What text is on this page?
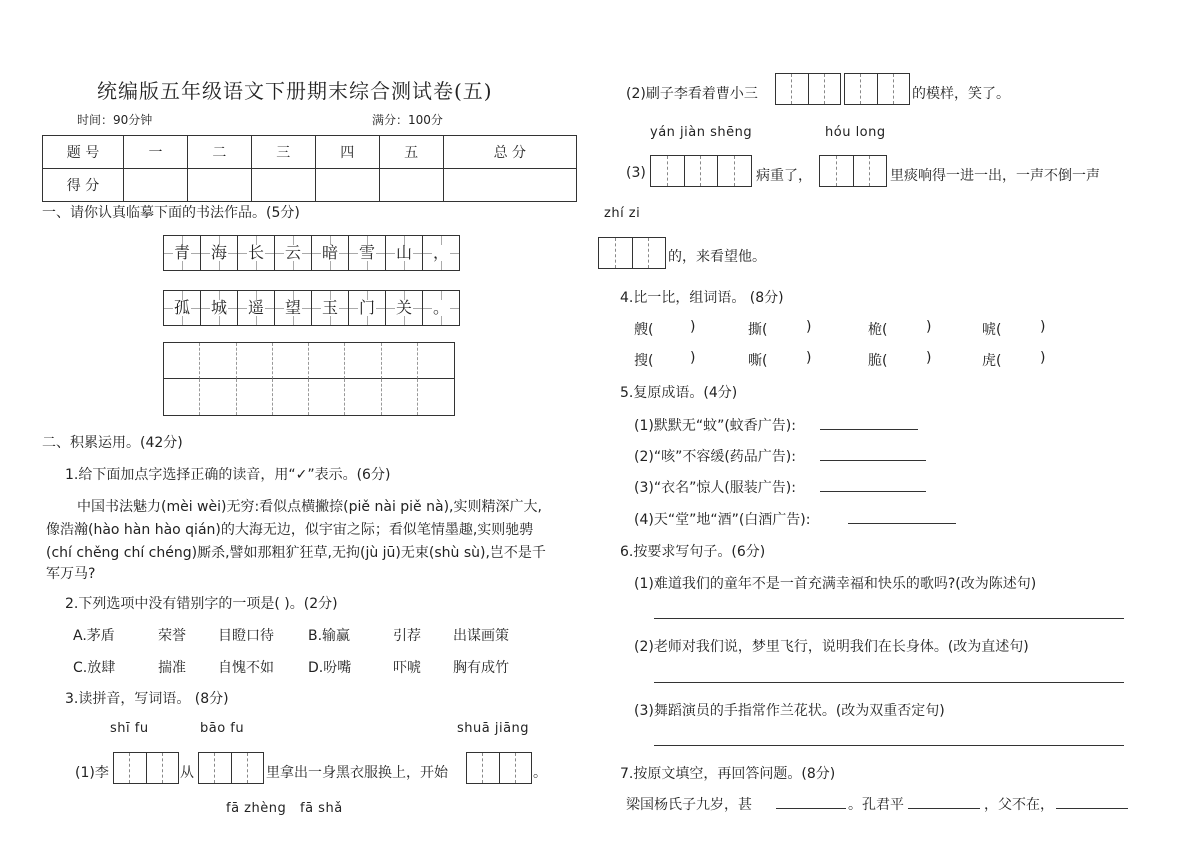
统编版五年级语文下册期末综合测试卷(五)
时间：90分钟	满分：100分
题 号	一	二	三	四	五	总 分
得 分						
一、请你认真临摹下面的书法作品。(5分)
青 海 长 云 暗 雪 山 ，
孤 城 遥 望 玉 门 关 。
二、积累运用。(42分)
1.给下面加点字选择正确的读音，用“✓”表示。(6分)
中国书法魅力(mèi wèi)无穷:看似点横撇捺(piě nài piě nà),实则精深广大,
像浩瀚(hào hàn hào qián)的大海无边，似宇宙之际；看似笔情墨趣,实则驰骋
(chí chěng chí chéng)厮杀,譬如那粗犷狂草,无拘(jù jū)无束(shù sù),岂不是千
军万马?
2.下列选项中没有错别字的一项是( )。(2分)
A.茅盾	荣誉 目瞪口待 B.输赢	引荐 出谋画策
C.放肆	揣准 自愧不如 D.吩嘴	吓唬 胸有成竹
3.读拼音，写词语。 (8分)
shī fu	bāo fu	shuā jiāng
(1)李	从	里拿出一身黑衣服换上，开始	。
fā zhèng fā shǎ
(2)刷子李看着曹小三	的模样，笑了。
yán jiàn shēng	hóu long
(3)	病重了，	里痰响得一进一出，一声不倒一声
zhí zi
的，来看望他。
4.比一比，组词语。 (8分)
艘(	)	撕(	)	桅(	)	唬(	)
搜(	)	嘶(	)	脆(	)	虎(	)
5.复原成语。(4分)
(1)默默无“蚊”(蚊香广告):
(2)“咳”不容缓(药品广告):
(3)“衣名”惊人(服装广告):
(4)天“堂”地“酒”(白酒广告):
6.按要求写句子。(6分)
(1)难道我们的童年不是一首充满幸福和快乐的歌吗?(改为陈述句)
(2)老师对我们说，梦里飞行，说明我们在长身体。(改为直述句)
(3)舞蹈演员的手指常作兰花状。(改为双重否定句)
7.按原文填空，再回答问题。(8分)
梁国杨氏子九岁，甚	。孔君平	，父不在，
